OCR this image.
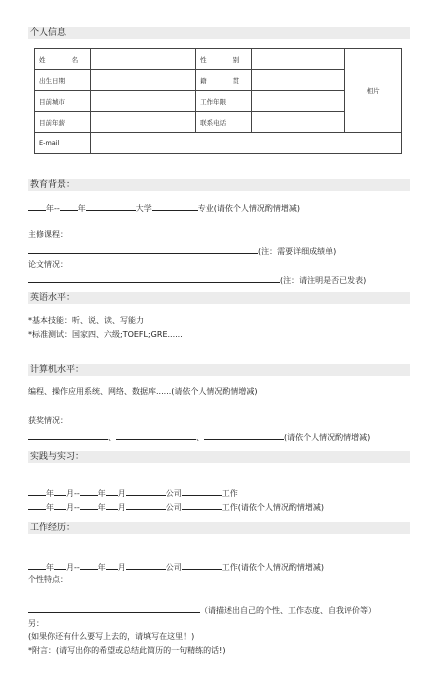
个人信息
姓 名		性 别		相片
出生日期		籍 贯		
目前城市		工作年限		
目前年薪		联系电话		
E-mail				
教育背景：
年-- 年	大学	专业(请依个人情况酌情增减)
主修课程：
(注：需要详细成绩单)
论文情况：
(注：请注明是否已发表)
英语水平：
*基本技能：听、说、读、写能力
*标准测试：国家四、六级;TOEFL;GRE......
计算机水平：
编程、操作应用系统、网络、数据库......(请依个人情况酌情增减)
获奖情况：
、	、	(请依个人情况酌情增减)
实践与实习：
年 月-- 年 月	公司	工作
年 月-- 年 月	公司	工作(请依个人情况酌情增减)
工作经历：
年 月-- 年 月	公司	工作(请依个人情况酌情增减)
个性特点：
（请描述出自己的个性、工作态度、自我评价等）
另：
(如果你还有什么要写上去的，请填写在这里！)
*附言：(请写出你的希望或总结此简历的一句精练的话!)
